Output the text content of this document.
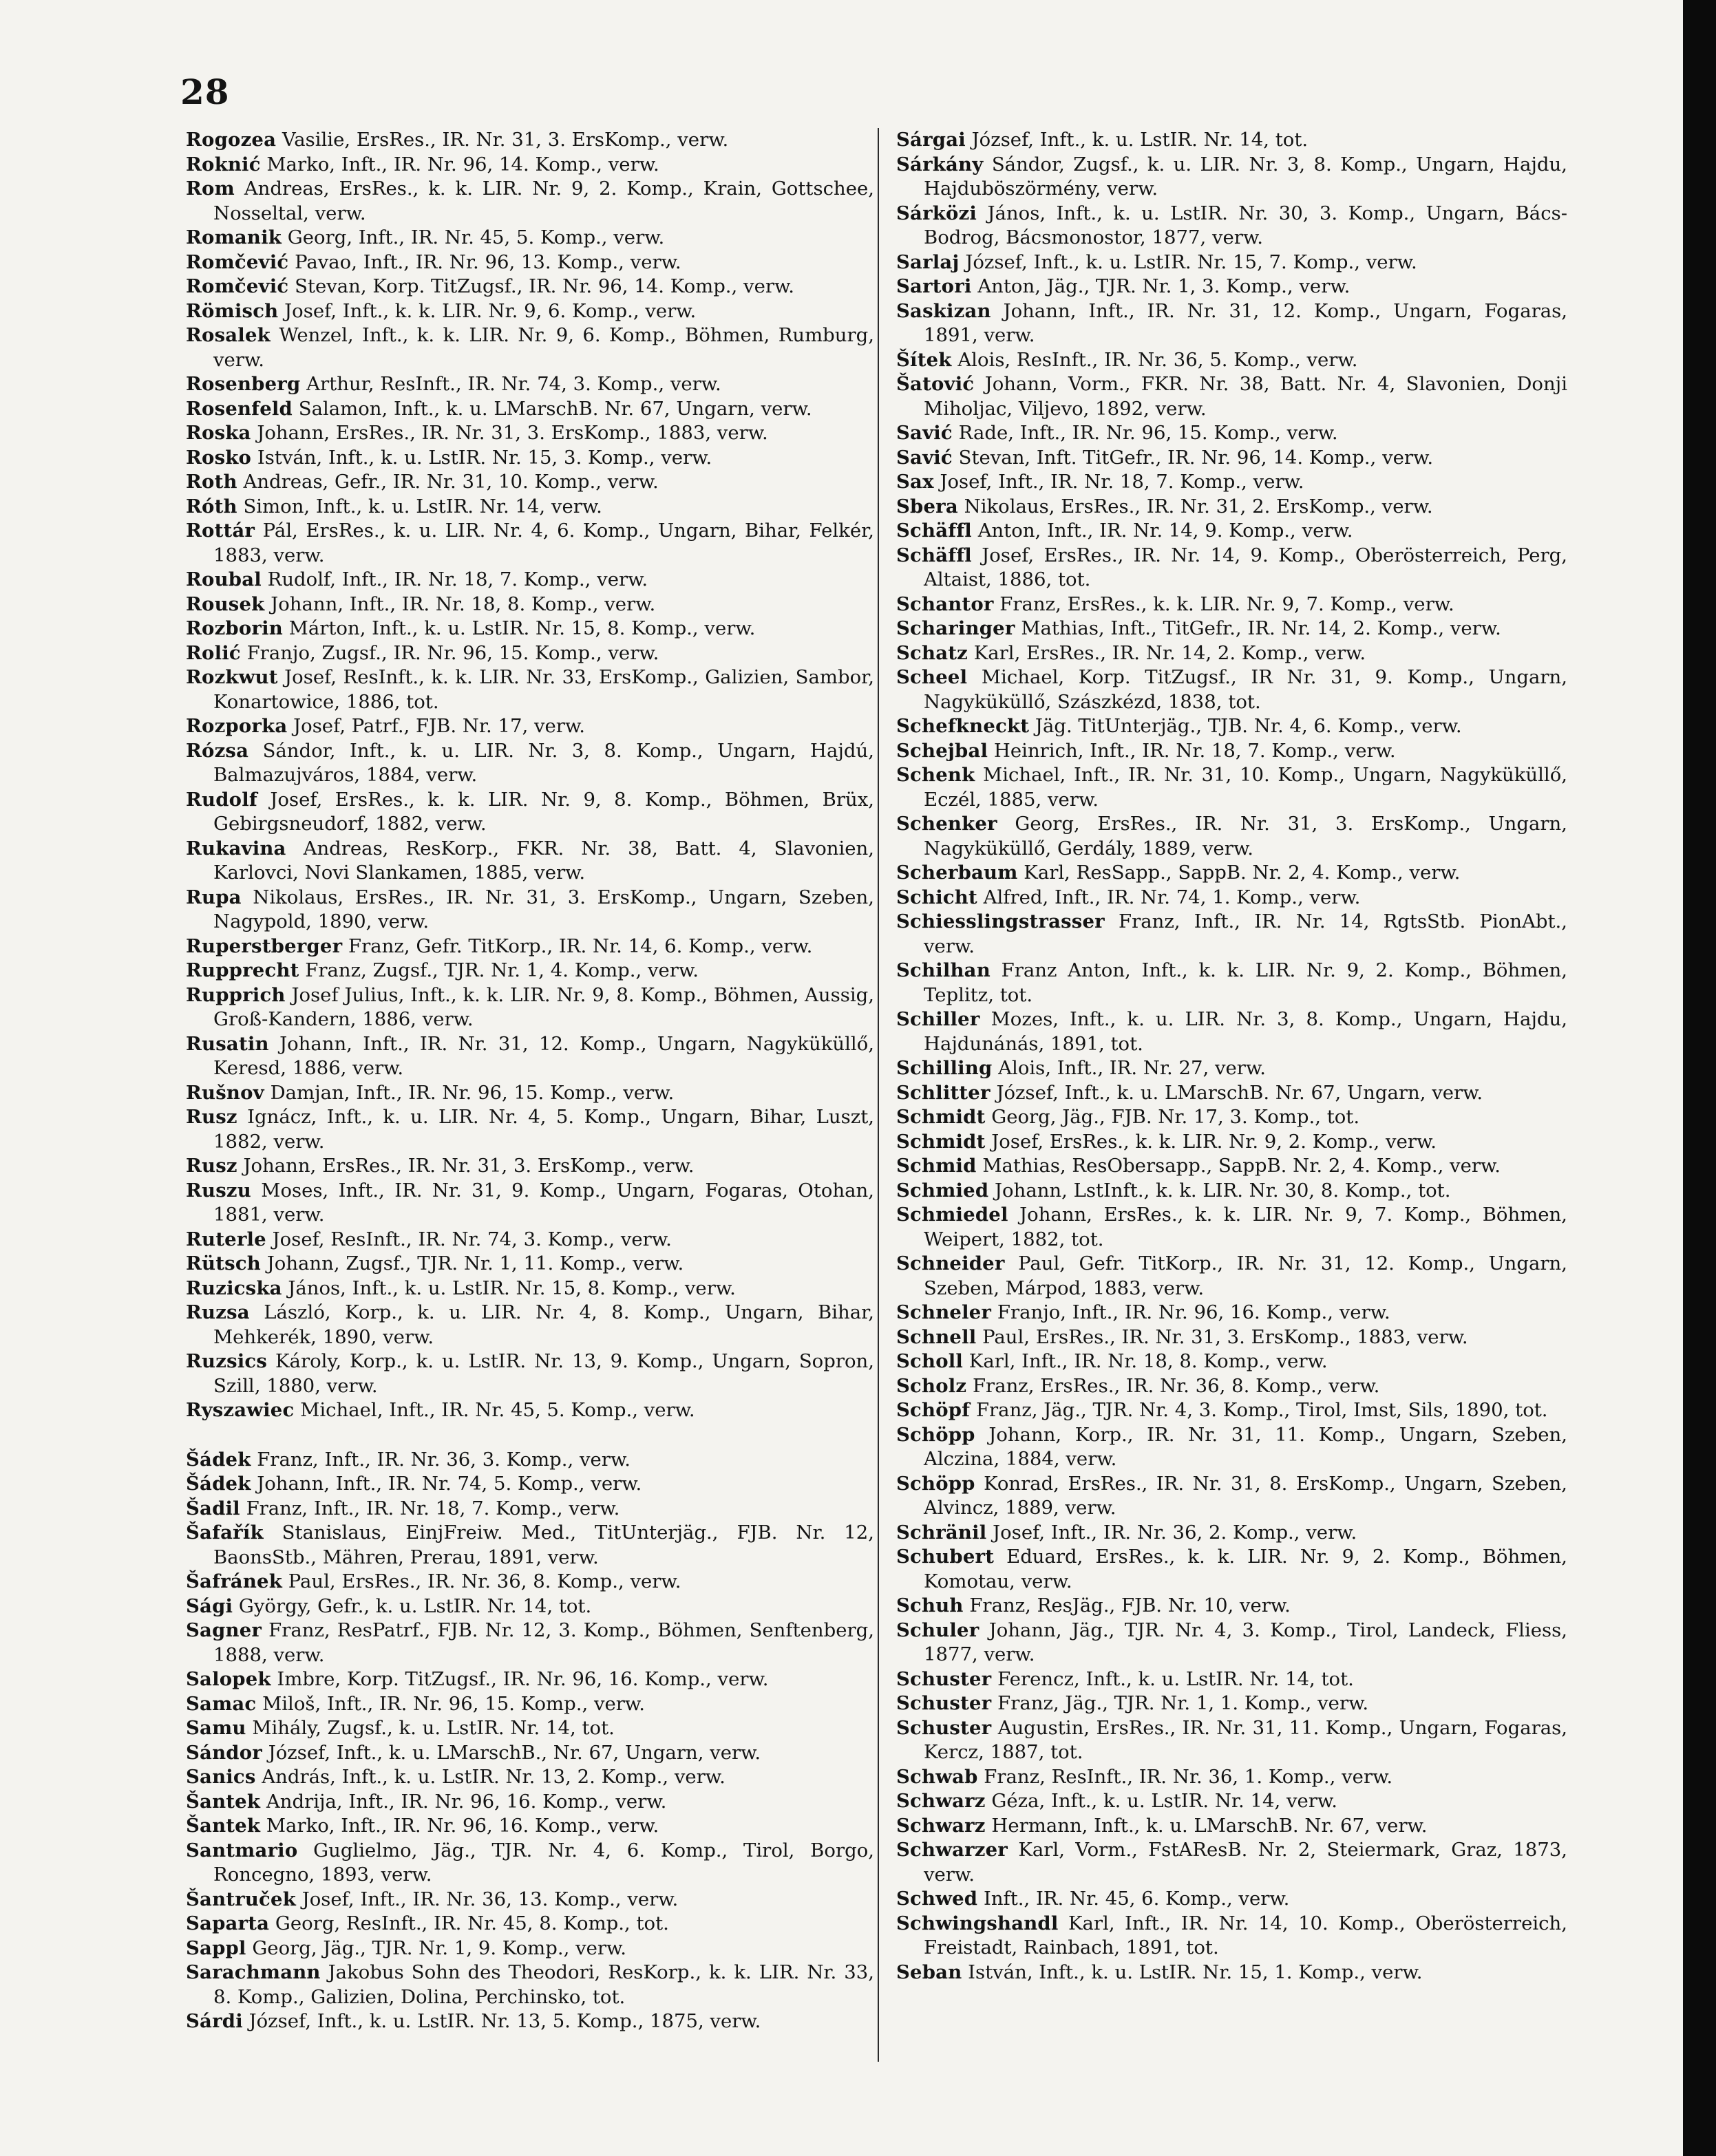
28

Rogozea Vasilie, ErsRes., IR. Nr. 31, 3. ErsKomp., verw.

Roknić Marko, Inft., IR. Nr. 96, 14. Komp., verw.

Rom Andreas, ErsRes., k. k. LIR. Nr. 9, 2. Komp., Krain, Gottschee, Nosseltal, verw.

Romanik Georg, Inft., IR. Nr. 45, 5. Komp., verw.

Romčević Pavao, Inft., IR. Nr. 96, 13. Komp., verw.

Romčević Stevan, Korp. TitZugsf., IR. Nr. 96, 14. Komp., verw.

Römisch Josef, Inft., k. k. LIR. Nr. 9, 6. Komp., verw.

Rosalek Wenzel, Inft., k. k. LIR. Nr. 9, 6. Komp., Böhmen, Rumburg, verw.

Rosenberg Arthur, ResInft., IR. Nr. 74, 3. Komp., verw.

Rosenfeld Salamon, Inft., k. u. LMarschB. Nr. 67, Ungarn, verw.

Roska Johann, ErsRes., IR. Nr. 31, 3. ErsKomp., 1883, verw.

Rosko István, Inft., k. u. LstIR. Nr. 15, 3. Komp., verw.

Roth Andreas, Gefr., IR. Nr. 31, 10. Komp., verw.

Róth Simon, Inft., k. u. LstIR. Nr. 14, verw.

Rottár Pál, ErsRes., k. u. LIR. Nr. 4, 6. Komp., Ungarn, Bihar, Felkér, 1883, verw.

Roubal Rudolf, Inft., IR. Nr. 18, 7. Komp., verw.

Rousek Johann, Inft., IR. Nr. 18, 8. Komp., verw.

Rozborin Márton, Inft., k. u. LstIR. Nr. 15, 8. Komp., verw.

Rolić Franjo, Zugsf., IR. Nr. 96, 15. Komp., verw.

Rozkwut Josef, ResInft., k. k. LIR. Nr. 33, ErsKomp., Galizien, Sambor, Konartowice, 1886, tot.

Rozporka Josef, Patrf., FJB. Nr. 17, verw.

Rózsa Sándor, Inft., k. u. LIR. Nr. 3, 8. Komp., Ungarn, Hajdú, Balmazujváros, 1884, verw.

Rudolf Josef, ErsRes., k. k. LIR. Nr. 9, 8. Komp., Böhmen, Brüx, Gebirgsneudorf, 1882, verw.

Rukavina Andreas, ResKorp., FKR. Nr. 38, Batt. 4, Slavonien, Karlovci, Novi Slankamen, 1885, verw.

Rupa Nikolaus, ErsRes., IR. Nr. 31, 3. ErsKomp., Ungarn, Szeben, Nagypold, 1890, verw.

Ruperstberger Franz, Gefr. TitKorp., IR. Nr. 14, 6. Komp., verw.

Rupprecht Franz, Zugsf., TJR. Nr. 1, 4. Komp., verw.

Rupprich Josef Julius, Inft., k. k. LIR. Nr. 9, 8. Komp., Böhmen, Aussig, Groß-Kandern, 1886, verw.

Rusatin Johann, Inft., IR. Nr. 31, 12. Komp., Ungarn, Nagyküküllő, Keresd, 1886, verw.

Rušnov Damjan, Inft., IR. Nr. 96, 15. Komp., verw.

Rusz Ignácz, Inft., k. u. LIR. Nr. 4, 5. Komp., Ungarn, Bihar, Luszt, 1882, verw.

Rusz Johann, ErsRes., IR. Nr. 31, 3. ErsKomp., verw.

Ruszu Moses, Inft., IR. Nr. 31, 9. Komp., Ungarn, Fogaras, Otohan, 1881, verw.

Ruterle Josef, ResInft., IR. Nr. 74, 3. Komp., verw.

Rütsch Johann, Zugsf., TJR. Nr. 1, 11. Komp., verw.

Ruzicska János, Inft., k. u. LstIR. Nr. 15, 8. Komp., verw.

Ruzsa László, Korp., k. u. LIR. Nr. 4, 8. Komp., Ungarn, Bihar, Mehkerék, 1890, verw.

Ruzsics Károly, Korp., k. u. LstIR. Nr. 13, 9. Komp., Ungarn, Sopron, Szill, 1880, verw.

Ryszawiec Michael, Inft., IR. Nr. 45, 5. Komp., verw.

Šádek Franz, Inft., IR. Nr. 36, 3. Komp., verw.

Šádek Johann, Inft., IR. Nr. 74, 5. Komp., verw.

Šadil Franz, Inft., IR. Nr. 18, 7. Komp., verw.

Šafařík Stanislaus, EinjFreiw. Med., TitUnterjäg., FJB. Nr. 12, BaonsStb., Mähren, Prerau, 1891, verw.

Šafránek Paul, ErsRes., IR. Nr. 36, 8. Komp., verw.

Sági György, Gefr., k. u. LstIR. Nr. 14, tot.

Sagner Franz, ResPatrf., FJB. Nr. 12, 3. Komp., Böhmen, Senftenberg, 1888, verw.

Salopek Imbre, Korp. TitZugsf., IR. Nr. 96, 16. Komp., verw.

Samac Miloš, Inft., IR. Nr. 96, 15. Komp., verw.

Samu Mihály, Zugsf., k. u. LstIR. Nr. 14, tot.

Sándor József, Inft., k. u. LMarschB., Nr. 67, Ungarn, verw.

Sanics András, Inft., k. u. LstIR. Nr. 13, 2. Komp., verw.

Šantek Andrija, Inft., IR. Nr. 96, 16. Komp., verw.

Šantek Marko, Inft., IR. Nr. 96, 16. Komp., verw.

Santmario Guglielmo, Jäg., TJR. Nr. 4, 6. Komp., Tirol, Borgo, Roncegno, 1893, verw.

Šantruček Josef, Inft., IR. Nr. 36, 13. Komp., verw.

Saparta Georg, ResInft., IR. Nr. 45, 8. Komp., tot.

Sappl Georg, Jäg., TJR. Nr. 1, 9. Komp., verw.

Sarachmann Jakobus Sohn des Theodori, ResKorp., k. k. LIR. Nr. 33, 8. Komp., Galizien, Dolina, Perchinsko, tot.

Sárdi József, Inft., k. u. LstIR. Nr. 13, 5. Komp., 1875, verw.

Sárgai József, Inft., k. u. LstIR. Nr. 14, tot.

Sárkány Sándor, Zugsf., k. u. LIR. Nr. 3, 8. Komp., Ungarn, Hajdu, Hajduböszörmény, verw.

Sárközi János, Inft., k. u. LstIR. Nr. 30, 3. Komp., Ungarn, Bács-Bodrog, Bácsmonostor, 1877, verw.

Sarlaj József, Inft., k. u. LstIR. Nr. 15, 7. Komp., verw.

Sartori Anton, Jäg., TJR. Nr. 1, 3. Komp., verw.

Saskizan Johann, Inft., IR. Nr. 31, 12. Komp., Ungarn, Fogaras, 1891, verw.

Šítek Alois, ResInft., IR. Nr. 36, 5. Komp., verw.

Šatović Johann, Vorm., FKR. Nr. 38, Batt. Nr. 4, Slavonien, Donji Miholjac, Viljevo, 1892, verw.

Savić Rade, Inft., IR. Nr. 96, 15. Komp., verw.

Savić Stevan, Inft. TitGefr., IR. Nr. 96, 14. Komp., verw.

Sax Josef, Inft., IR. Nr. 18, 7. Komp., verw.

Sbera Nikolaus, ErsRes., IR. Nr. 31, 2. ErsKomp., verw.

Schäffl Anton, Inft., IR. Nr. 14, 9. Komp., verw.

Schäffl Josef, ErsRes., IR. Nr. 14, 9. Komp., Oberösterreich, Perg, Altaist, 1886, tot.

Schantor Franz, ErsRes., k. k. LIR. Nr. 9, 7. Komp., verw.

Scharinger Mathias, Inft., TitGefr., IR. Nr. 14, 2. Komp., verw.

Schatz Karl, ErsRes., IR. Nr. 14, 2. Komp., verw.

Scheel Michael, Korp. TitZugsf., IR Nr. 31, 9. Komp., Ungarn, Nagyküküllő, Szászkézd, 1838, tot.

Schefkneckt Jäg. TitUnterjäg., TJB. Nr. 4, 6. Komp., verw.

Schejbal Heinrich, Inft., IR. Nr. 18, 7. Komp., verw.

Schenk Michael, Inft., IR. Nr. 31, 10. Komp., Ungarn, Nagyküküllő, Eczél, 1885, verw.

Schenker Georg, ErsRes., IR. Nr. 31, 3. ErsKomp., Ungarn, Nagyküküllő, Gerdály, 1889, verw.

Scherbaum Karl, ResSapp., SappB. Nr. 2, 4. Komp., verw.

Schicht Alfred, Inft., IR. Nr. 74, 1. Komp., verw.

Schiesslingstrasser Franz, Inft., IR. Nr. 14, RgtsStb. PionAbt., verw.

Schilhan Franz Anton, Inft., k. k. LIR. Nr. 9, 2. Komp., Böhmen, Teplitz, tot.

Schiller Mozes, Inft., k. u. LIR. Nr. 3, 8. Komp., Ungarn, Hajdu, Hajdunánás, 1891, tot.

Schilling Alois, Inft., IR. Nr. 27, verw.

Schlitter József, Inft., k. u. LMarschB. Nr. 67, Ungarn, verw.

Schmidt Georg, Jäg., FJB. Nr. 17, 3. Komp., tot.

Schmidt Josef, ErsRes., k. k. LIR. Nr. 9, 2. Komp., verw.

Schmid Mathias, ResObersapp., SappB. Nr. 2, 4. Komp., verw.

Schmied Johann, LstInft., k. k. LIR. Nr. 30, 8. Komp., tot.

Schmiedel Johann, ErsRes., k. k. LIR. Nr. 9, 7. Komp., Böhmen, Weipert, 1882, tot.

Schneider Paul, Gefr. TitKorp., IR. Nr. 31, 12. Komp., Ungarn, Szeben, Márpod, 1883, verw.

Schneler Franjo, Inft., IR. Nr. 96, 16. Komp., verw.

Schnell Paul, ErsRes., IR. Nr. 31, 3. ErsKomp., 1883, verw.

Scholl Karl, Inft., IR. Nr. 18, 8. Komp., verw.

Scholz Franz, ErsRes., IR. Nr. 36, 8. Komp., verw.

Schöpf Franz, Jäg., TJR. Nr. 4, 3. Komp., Tirol, Imst, Sils, 1890, tot.

Schöpp Johann, Korp., IR. Nr. 31, 11. Komp., Ungarn, Szeben, Alczina, 1884, verw.

Schöpp Konrad, ErsRes., IR. Nr. 31, 8. ErsKomp., Ungarn, Szeben, Alvincz, 1889, verw.

Schränil Josef, Inft., IR. Nr. 36, 2. Komp., verw.

Schubert Eduard, ErsRes., k. k. LIR. Nr. 9, 2. Komp., Böhmen, Komotau, verw.

Schuh Franz, ResJäg., FJB. Nr. 10, verw.

Schuler Johann, Jäg., TJR. Nr. 4, 3. Komp., Tirol, Landeck, Fliess, 1877, verw.

Schuster Ferencz, Inft., k. u. LstIR. Nr. 14, tot.

Schuster Franz, Jäg., TJR. Nr. 1, 1. Komp., verw.

Schuster Augustin, ErsRes., IR. Nr. 31, 11. Komp., Ungarn, Fogaras, Kercz, 1887, tot.

Schwab Franz, ResInft., IR. Nr. 36, 1. Komp., verw.

Schwarz Géza, Inft., k. u. LstIR. Nr. 14, verw.

Schwarz Hermann, Inft., k. u. LMarschB. Nr. 67, verw.

Schwarzer Karl, Vorm., FstAResB. Nr. 2, Steiermark, Graz, 1873, verw.

Schwed Inft., IR. Nr. 45, 6. Komp., verw.

Schwingshandl Karl, Inft., IR. Nr. 14, 10. Komp., Oberösterreich, Freistadt, Rainbach, 1891, tot.

Seban István, Inft., k. u. LstIR. Nr. 15, 1. Komp., verw.
